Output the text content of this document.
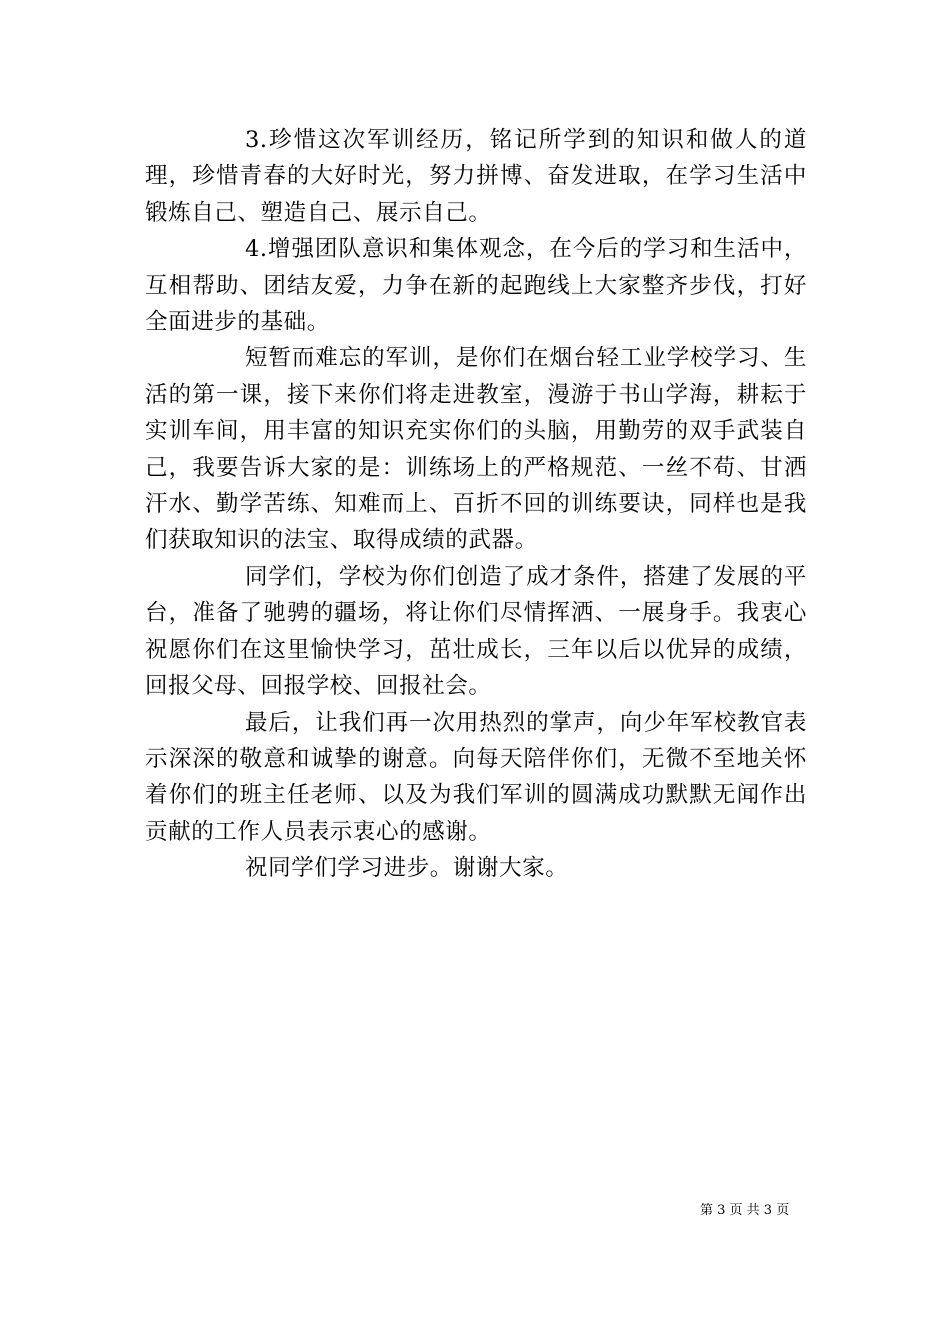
3.珍惜这次军训经历，铭记所学到的知识和做人的道理，珍惜青春的大好时光，努力拼博、奋发进取，在学习生活中锻炼自己、塑造自己、展示自己。

4.增强团队意识和集体观念，在今后的学习和生活中，互相帮助、团结友爱，力争在新的起跑线上大家整齐步伐，打好全面进步的基础。

短暂而难忘的军训，是你们在烟台轻工业学校学习、生活的第一课，接下来你们将走进教室，漫游于书山学海，耕耘于实训车间，用丰富的知识充实你们的头脑，用勤劳的双手武装自己，我要告诉大家的是：训练场上的严格规范、一丝不苟、甘洒汗水、勤学苦练、知难而上、百折不回的训练要诀，同样也是我们获取知识的法宝、取得成绩的武器。

同学们，学校为你们创造了成才条件，搭建了发展的平台，准备了驰骋的疆场，将让你们尽情挥洒、一展身手。我衷心祝愿你们在这里愉快学习，茁壮成长，三年以后以优异的成绩，回报父母、回报学校、回报社会。

最后，让我们再一次用热烈的掌声，向少年军校教官表示深深的敬意和诚挚的谢意。向每天陪伴你们，无微不至地关怀着你们的班主任老师、以及为我们军训的圆满成功默默无闻作出贡献的工作人员表示衷心的感谢。

祝同学们学习进步。谢谢大家。

第 3 页 共 3 页
